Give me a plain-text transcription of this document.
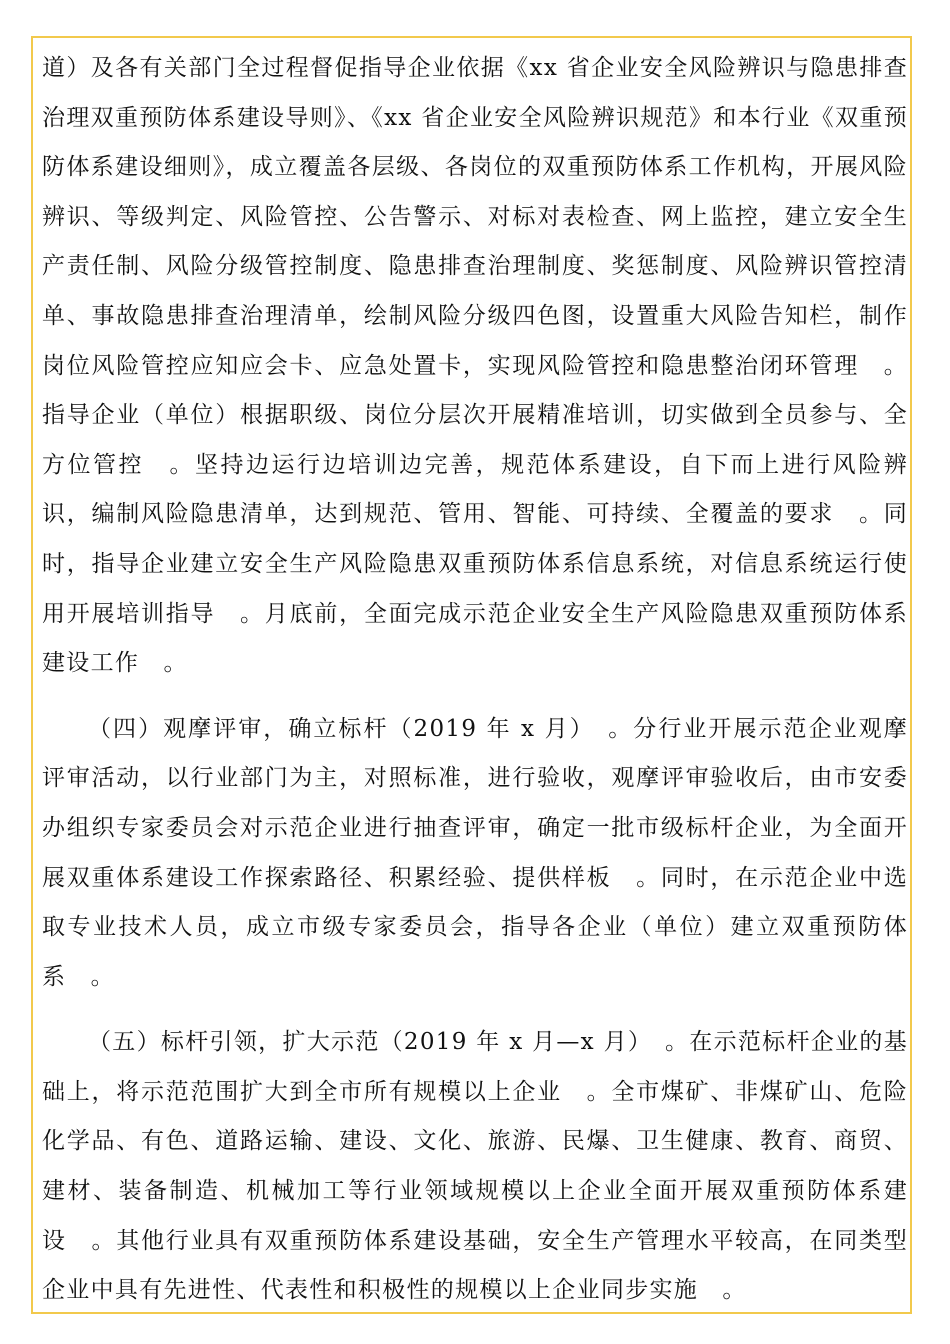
道）及各有关部门全过程督促指导企业依据《xx 省企业安全风险辨识与隐患排查治理双重预防体系建设导则》、《xx 省企业安全风险辨识规范》和本行业《双重预防体系建设细则》，成立覆盖各层级、各岗位的双重预防体系工作机构，开展风险辨识、等级判定、风险管控、公告警示、对标对表检查、网上监控，建立安全生产责任制、风险分级管控制度、隐患排查治理制度、奖惩制度、风险辨识管控清单、事故隐患排查治理清单，绘制风险分级四色图，设置重大风险告知栏，制作岗位风险管控应知应会卡、应急处置卡，实现风险管控和隐患整治闭环管理　。指导企业（单位）根据职级、岗位分层次开展精准培训，切实做到全员参与、全方位管控　。坚持边运行边培训边完善，规范体系建设，自下而上进行风险辨识，编制风险隐患清单，达到规范、管用、智能、可持续、全覆盖的要求　。同时，指导企业建立安全生产风险隐患双重预防体系信息系统，对信息系统运行使用开展培训指导　。月底前，全面完成示范企业安全生产风险隐患双重预防体系建设工作　。

（四）观摩评审，确立标杆（2019 年 x 月）　。分行业开展示范企业观摩评审活动，以行业部门为主，对照标准，进行验收，观摩评审验收后，由市安委办组织专家委员会对示范企业进行抽查评审，确定一批市级标杆企业，为全面开展双重体系建设工作探索路径、积累经验、提供样板　。同时，在示范企业中选取专业技术人员，成立市级专家委员会，指导各企业（单位）建立双重预防体系　。

（五）标杆引领，扩大示范（2019 年 x 月—x 月）　。在示范标杆企业的基础上，将示范范围扩大到全市所有规模以上企业　。全市煤矿、非煤矿山、危险化学品、有色、道路运输、建设、文化、旅游、民爆、卫生健康、教育、商贸、建材、装备制造、机械加工等行业领域规模以上企业全面开展双重预防体系建设　。其他行业具有双重预防体系建设基础，安全生产管理水平较高，在同类型企业中具有先进性、代表性和积极性的规模以上企业同步实施　。
